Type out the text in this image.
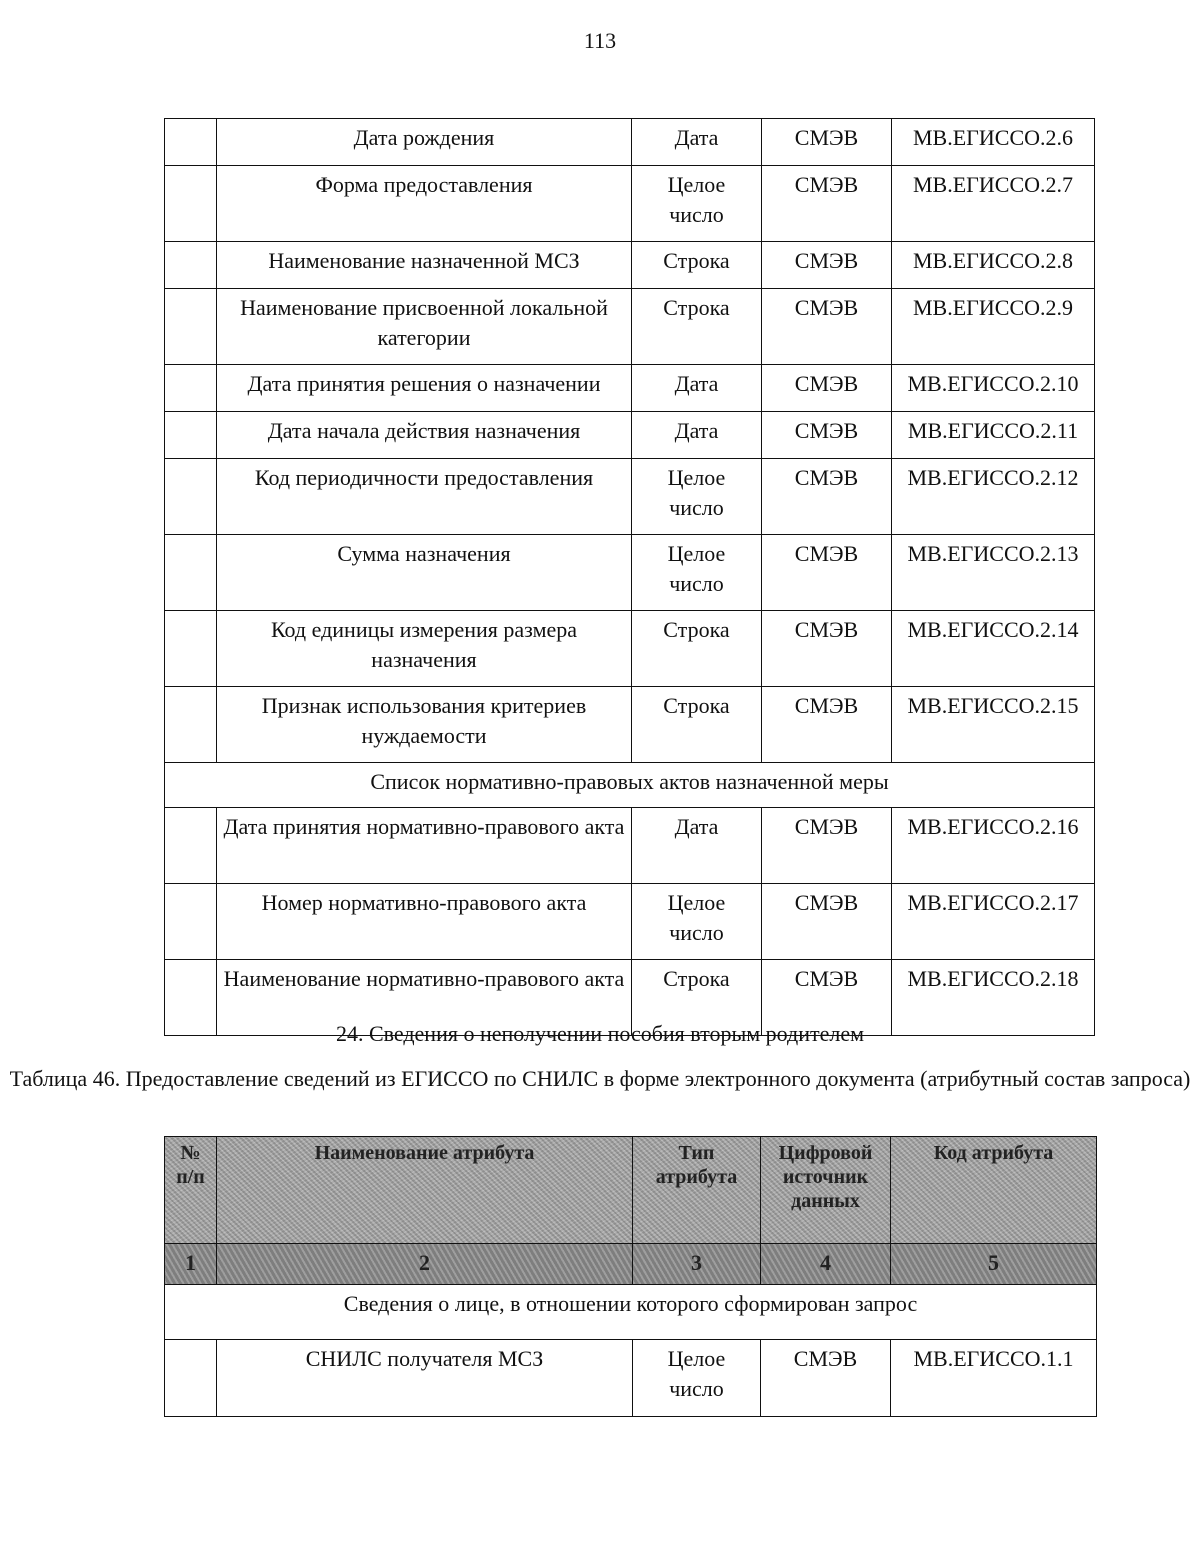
113
	Дата рождения	Дата	СМЭВ	МВ.ЕГИССО.2.6
	Форма предоставления	Целое число	СМЭВ	МВ.ЕГИССО.2.7
	Наименование назначенной МСЗ	Строка	СМЭВ	МВ.ЕГИССО.2.8
	Наименование присвоенной локальной категории	Строка	СМЭВ	МВ.ЕГИССО.2.9
	Дата принятия решения о назначении	Дата	СМЭВ	МВ.ЕГИССО.2.10
	Дата начала действия назначения	Дата	СМЭВ	МВ.ЕГИССО.2.11
	Код периодичности предоставления	Целое число	СМЭВ	МВ.ЕГИССО.2.12
	Сумма назначения	Целое число	СМЭВ	МВ.ЕГИССО.2.13
	Код единицы измерения размера назначения	Строка	СМЭВ	МВ.ЕГИССО.2.14
	Признак использования критериев нуждаемости	Строка	СМЭВ	МВ.ЕГИССО.2.15
Список нормативно-правовых актов назначенной меры				
	Дата принятия нормативно-правового акта	Дата	СМЭВ	МВ.ЕГИССО.2.16
	Номер нормативно-правового акта	Целое число	СМЭВ	МВ.ЕГИССО.2.17
	Наименование нормативно-правового акта	Строка	СМЭВ	МВ.ЕГИССО.2.18
24. Сведения о неполучении пособия вторым родителем
Таблица 46. Предоставление сведений из ЕГИССО по СНИЛС в форме электронного документа (атрибутный состав запроса)
№ п/п	Наименование атрибута	Тип атрибута	Цифровой источник данных	Код атрибута
1	2	3	4	5
Сведения о лице, в отношении которого сформирован запрос				
	СНИЛС получателя МСЗ	Целое число	СМЭВ	МВ.ЕГИССО.1.1
